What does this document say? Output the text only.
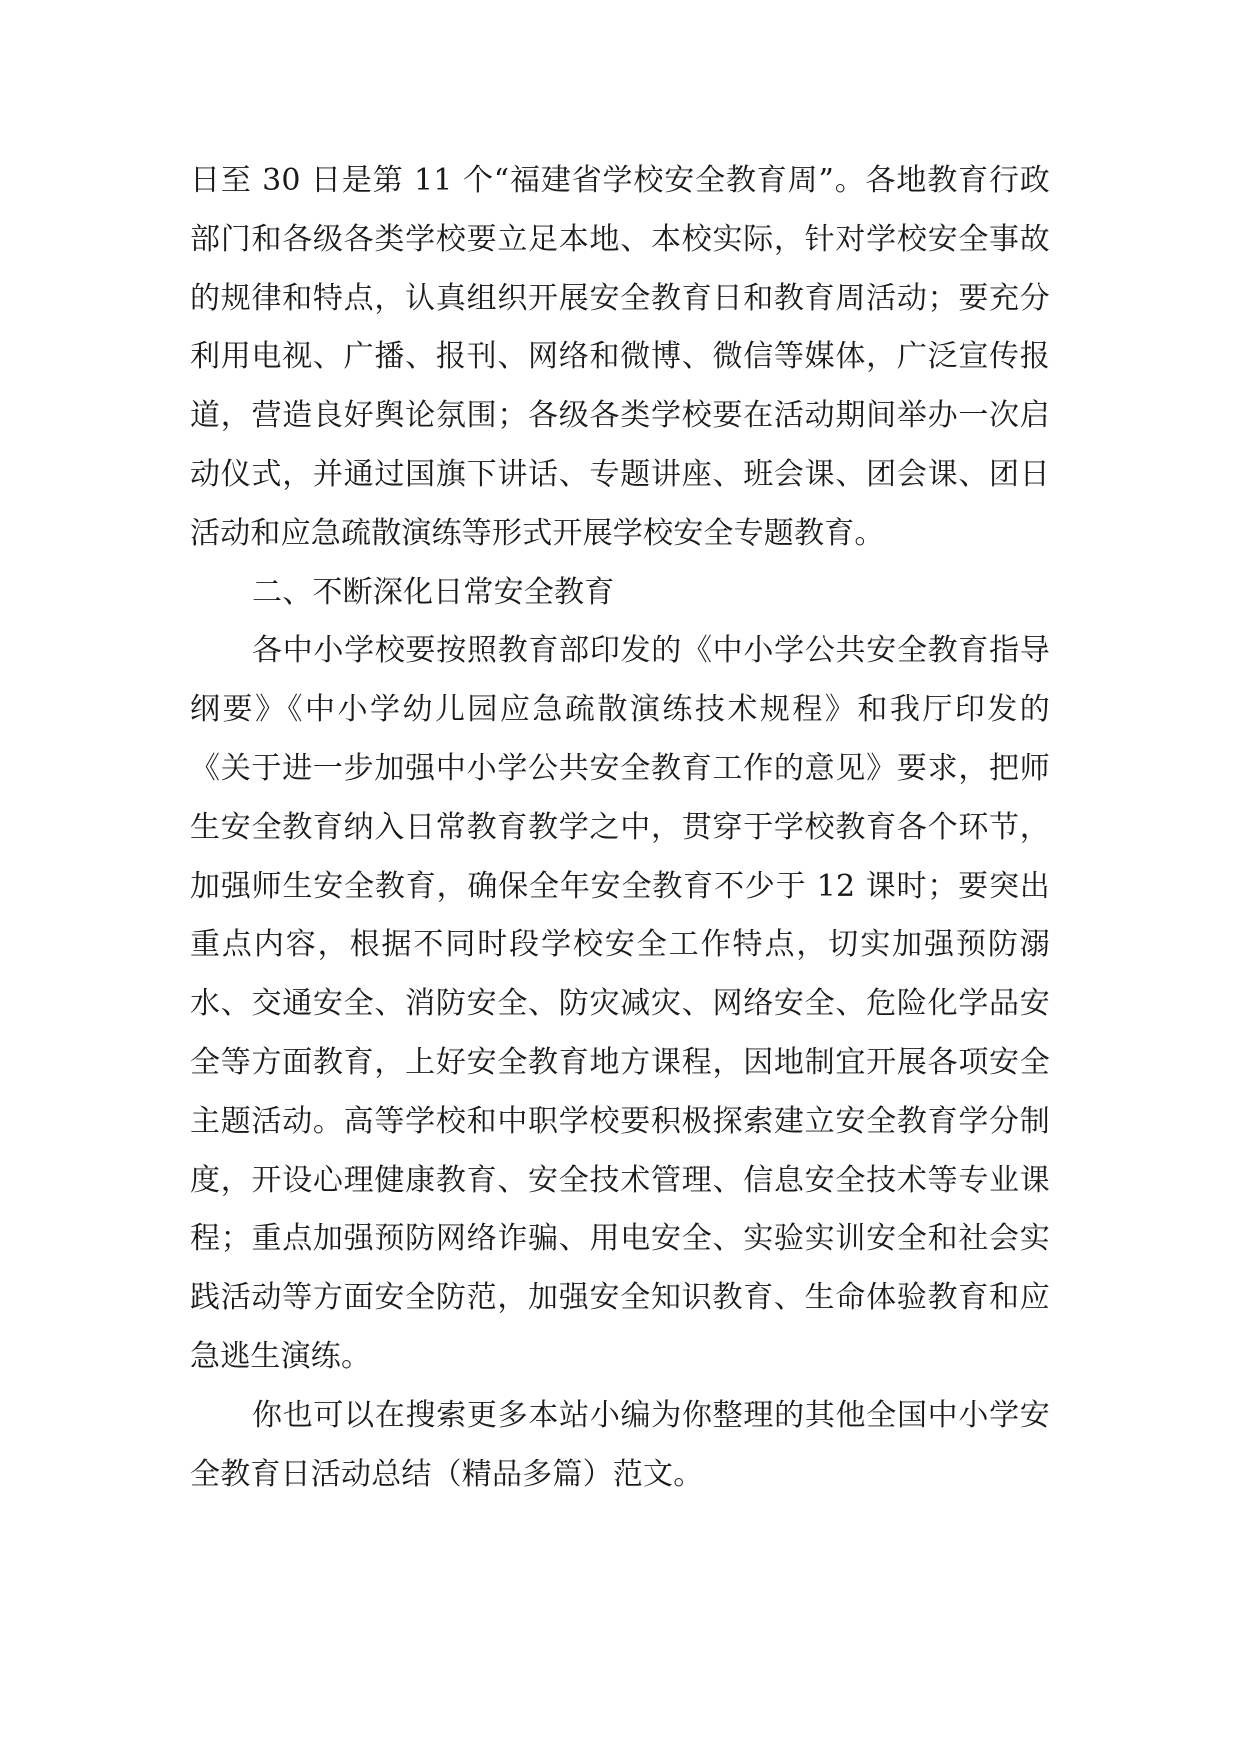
日至 30 日是第 11 个“福建省学校安全教育周”。各地教育行政部门和各级各类学校要立足本地、本校实际，针对学校安全事故的规律和特点，认真组织开展安全教育日和教育周活动；要充分利用电视、广播、报刊、网络和微博、微信等媒体，广泛宣传报道，营造良好舆论氛围；各级各类学校要在活动期间举办一次启动仪式，并通过国旗下讲话、专题讲座、班会课、团会课、团日活动和应急疏散演练等形式开展学校安全专题教育。

二、不断深化日常安全教育

各中小学校要按照教育部印发的《中小学公共安全教育指导纲要》《中小学幼儿园应急疏散演练技术规程》和我厅印发的《关于进一步加强中小学公共安全教育工作的意见》要求，把师生安全教育纳入日常教育教学之中，贯穿于学校教育各个环节，加强师生安全教育，确保全年安全教育不少于 12 课时；要突出重点内容，根据不同时段学校安全工作特点，切实加强预防溺水、交通安全、消防安全、防灾减灾、网络安全、危险化学品安全等方面教育，上好安全教育地方课程，因地制宜开展各项安全主题活动。高等学校和中职学校要积极探索建立安全教育学分制度，开设心理健康教育、安全技术管理、信息安全技术等专业课程；重点加强预防网络诈骗、用电安全、实验实训安全和社会实践活动等方面安全防范，加强安全知识教育、生命体验教育和应急逃生演练。

你也可以在搜索更多本站小编为你整理的其他全国中小学安全教育日活动总结（精品多篇）范文。
